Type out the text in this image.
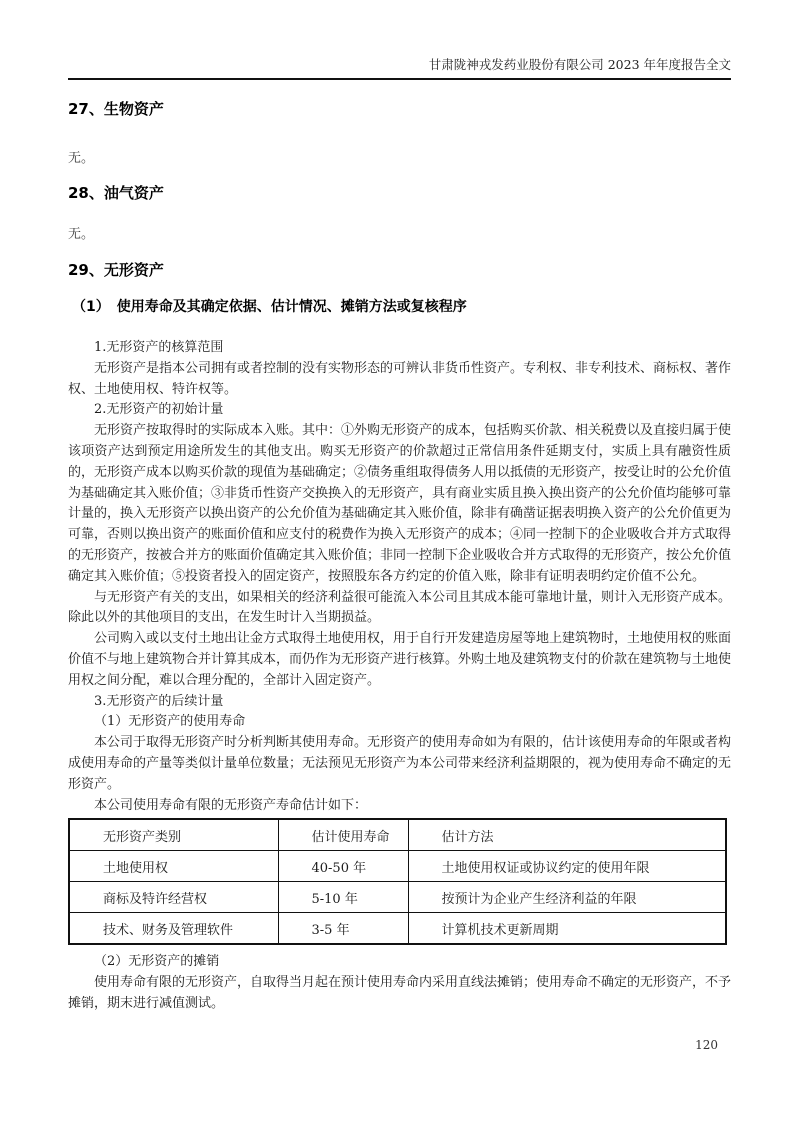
甘肃陇神戎发药业股份有限公司 2023 年年度报告全文
27、生物资产

无。

28、油气资产

无。

29、无形资产
（1）　使用寿命及其确定依据、估计情况、摊销方法或复核程序

1.无形资产的核算范围

无形资产是指本公司拥有或者控制的没有实物形态的可辨认非货币性资产。专利权、非专利技术、商标权、著作权、土地使用权、特许权等。

2.无形资产的初始计量

无形资产按取得时的实际成本入账。其中：①外购无形资产的成本，包括购买价款、相关税费以及直接归属于使该项资产达到预定用途所发生的其他支出。购买无形资产的价款超过正常信用条件延期支付，实质上具有融资性质的，无形资产成本以购买价款的现值为基础确定；②债务重组取得债务人用以抵债的无形资产，按受让时的公允价值为基础确定其入账价值；③非货币性资产交换换入的无形资产，具有商业实质且换入换出资产的公允价值均能够可靠计量的，换入无形资产以换出资产的公允价值为基础确定其入账价值，除非有确凿证据表明换入资产的公允价值更为可靠，否则以换出资产的账面价值和应支付的税费作为换入无形资产的成本；④同一控制下的企业吸收合并方式取得的无形资产，按被合并方的账面价值确定其入账价值；非同一控制下企业吸收合并方式取得的无形资产，按公允价值确定其入账价值；⑤投资者投入的固定资产，按照股东各方约定的价值入账，除非有证明表明约定价值不公允。

与无形资产有关的支出，如果相关的经济利益很可能流入本公司且其成本能可靠地计量，则计入无形资产成本。除此以外的其他项目的支出，在发生时计入当期损益。

公司购入或以支付土地出让金方式取得土地使用权，用于自行开发建造房屋等地上建筑物时，土地使用权的账面价值不与地上建筑物合并计算其成本，而仍作为无形资产进行核算。外购土地及建筑物支付的价款在建筑物与土地使用权之间分配，难以合理分配的，全部计入固定资产。

3.无形资产的后续计量

（1）无形资产的使用寿命

本公司于取得无形资产时分析判断其使用寿命。无形资产的使用寿命如为有限的，估计该使用寿命的年限或者构成使用寿命的产量等类似计量单位数量；无法预见无形资产为本公司带来经济利益期限的，视为使用寿命不确定的无形资产。

本公司使用寿命有限的无形资产寿命估计如下：

无形资产类别	估计使用寿命	估计方法
土地使用权	40-50 年	土地使用权证或协议约定的使用年限
商标及特许经营权	5-10 年	按预计为企业产生经济利益的年限
技术、财务及管理软件	3-5 年	计算机技术更新周期

（2）无形资产的摊销

使用寿命有限的无形资产，自取得当月起在预计使用寿命内采用直线法摊销；使用寿命不确定的无形资产，不予摊销，期末进行减值测试。

120
